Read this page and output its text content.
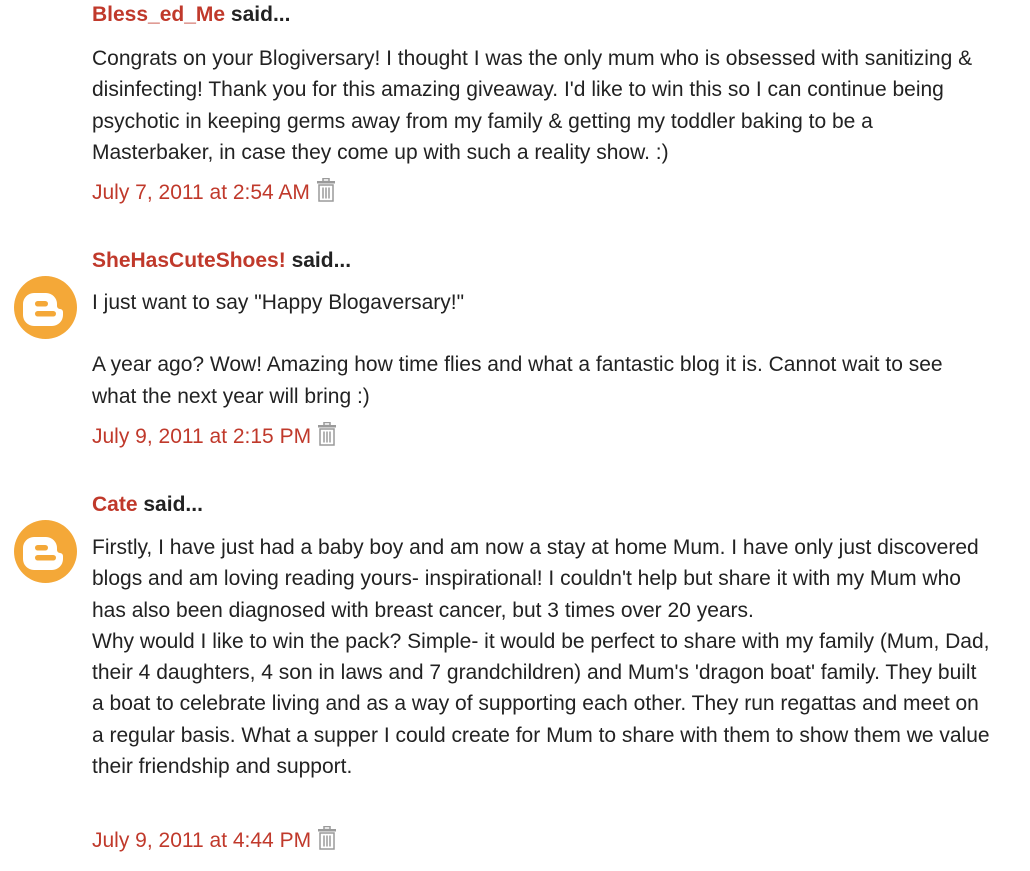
Bless_ed_Me said...

Congrats on your Blogiversary! I thought I was the only mum who is obsessed with sanitizing & disinfecting! Thank you for this amazing giveaway. I'd like to win this so I can continue being psychotic in keeping germs away from my family & getting my toddler baking to be a Masterbaker, in case they come up with such a reality show. :)

July 7, 2011 at 2:54 AM
SheHasCuteShoes! said...

I just want to say "Happy Blogaversary!"

A year ago? Wow! Amazing how time flies and what a fantastic blog it is. Cannot wait to see what the next year will bring :)

July 9, 2011 at 2:15 PM
Cate said...

Firstly, I have just had a baby boy and am now a stay at home Mum. I have only just discovered blogs and am loving reading yours- inspirational! I couldn't help but share it with my Mum who has also been diagnosed with breast cancer, but 3 times over 20 years.

Why would I like to win the pack? Simple- it would be perfect to share with my family (Mum, Dad, their 4 daughters, 4 son in laws and 7 grandchildren) and Mum's 'dragon boat' family. They built a boat to celebrate living and as a way of supporting each other. They run regattas and meet on a regular basis. What a supper I could create for Mum to share with them to show them we value their friendship and support.

July 9, 2011 at 4:44 PM
